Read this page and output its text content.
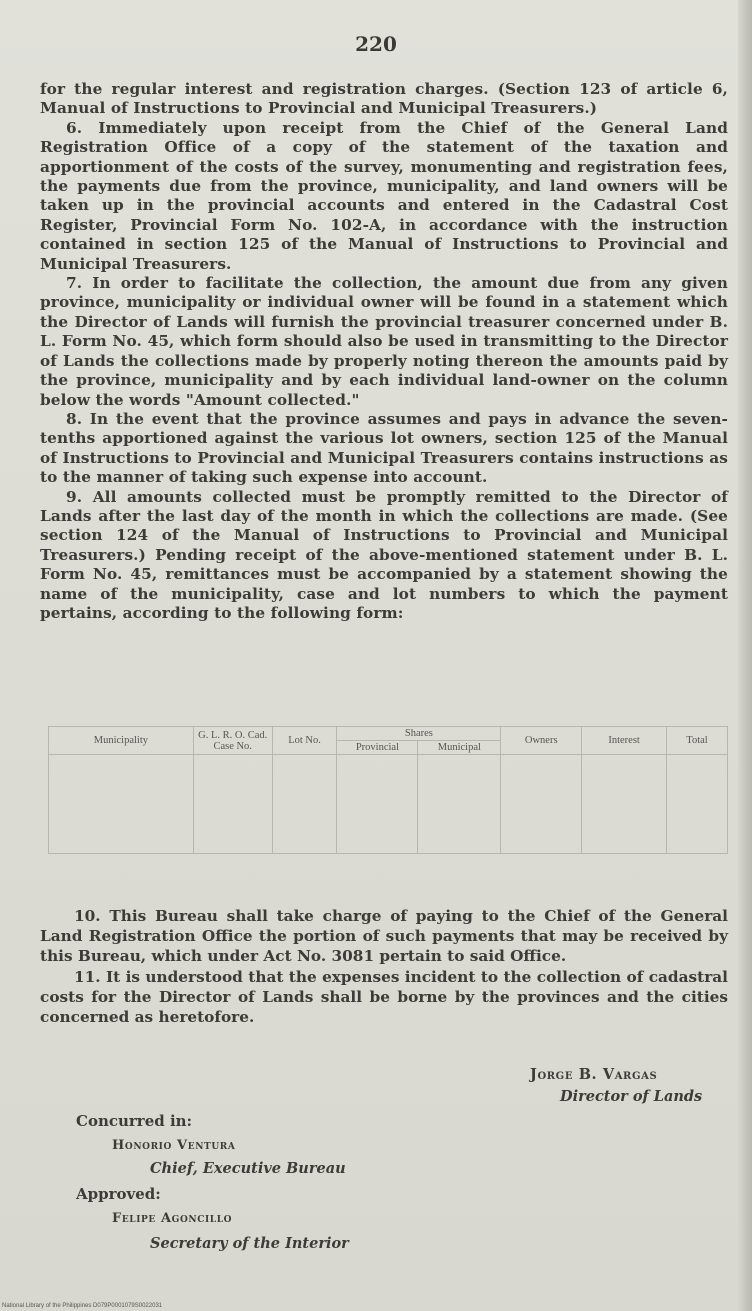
220

for the regular interest and registration charges. (Section 123 of article 6, Manual of Instructions to Provincial and Municipal Treasurers.)

6. Immediately upon receipt from the Chief of the General Land Registration Office of a copy of the statement of the taxation and apportionment of the costs of the survey, monumenting and registration fees, the payments due from the province, municipality, and land owners will be taken up in the provincial accounts and entered in the Cadastral Cost Register, Provincial Form No. 102-A, in accordance with the instruction contained in section 125 of the Manual of Instructions to Provincial and Municipal Treasurers.

7. In order to facilitate the collection, the amount due from any given province, municipality or individual owner will be found in a statement which the Director of Lands will furnish the provincial treasurer concerned under B. L. Form No. 45, which form should also be used in transmitting to the Director of Lands the collections made by properly noting thereon the amounts paid by the province, municipality and by each individual land-owner on the column below the words "Amount collected."

8. In the event that the province assumes and pays in advance the seven-tenths apportioned against the various lot owners, section 125 of the Manual of Instructions to Provincial and Municipal Treasurers contains instructions as to the manner of taking such expense into account.

9. All amounts collected must be promptly remitted to the Director of Lands after the last day of the month in which the collections are made. (See section 124 of the Manual of Instructions to Provincial and Municipal Treasurers.) Pending receipt of the above-mentioned statement under B. L. Form No. 45, remittances must be accompanied by a statement showing the name of the municipality, case and lot numbers to which the payment pertains, according to the following form:

Municipality	G. L. R. O. Cad. Case No.	Lot No.	Shares		Owners	Interest	Total
			Provincial	Municipal			

10. This Bureau shall take charge of paying to the Chief of the General Land Registration Office the portion of such payments that may be received by this Bureau, which under Act No. 3081 pertain to said Office.

11. It is understood that the expenses incident to the collection of cadastral costs for the Director of Lands shall be borne by the provinces and the cities concerned as heretofore.

Jorge B. Vargas
Director of Lands
Concurred in:
Honorio Ventura
Chief, Executive Bureau
Approved:
Felipe Agoncillo
Secretary of the Interior
National Library of the Philippines D079P0001079S0022031
